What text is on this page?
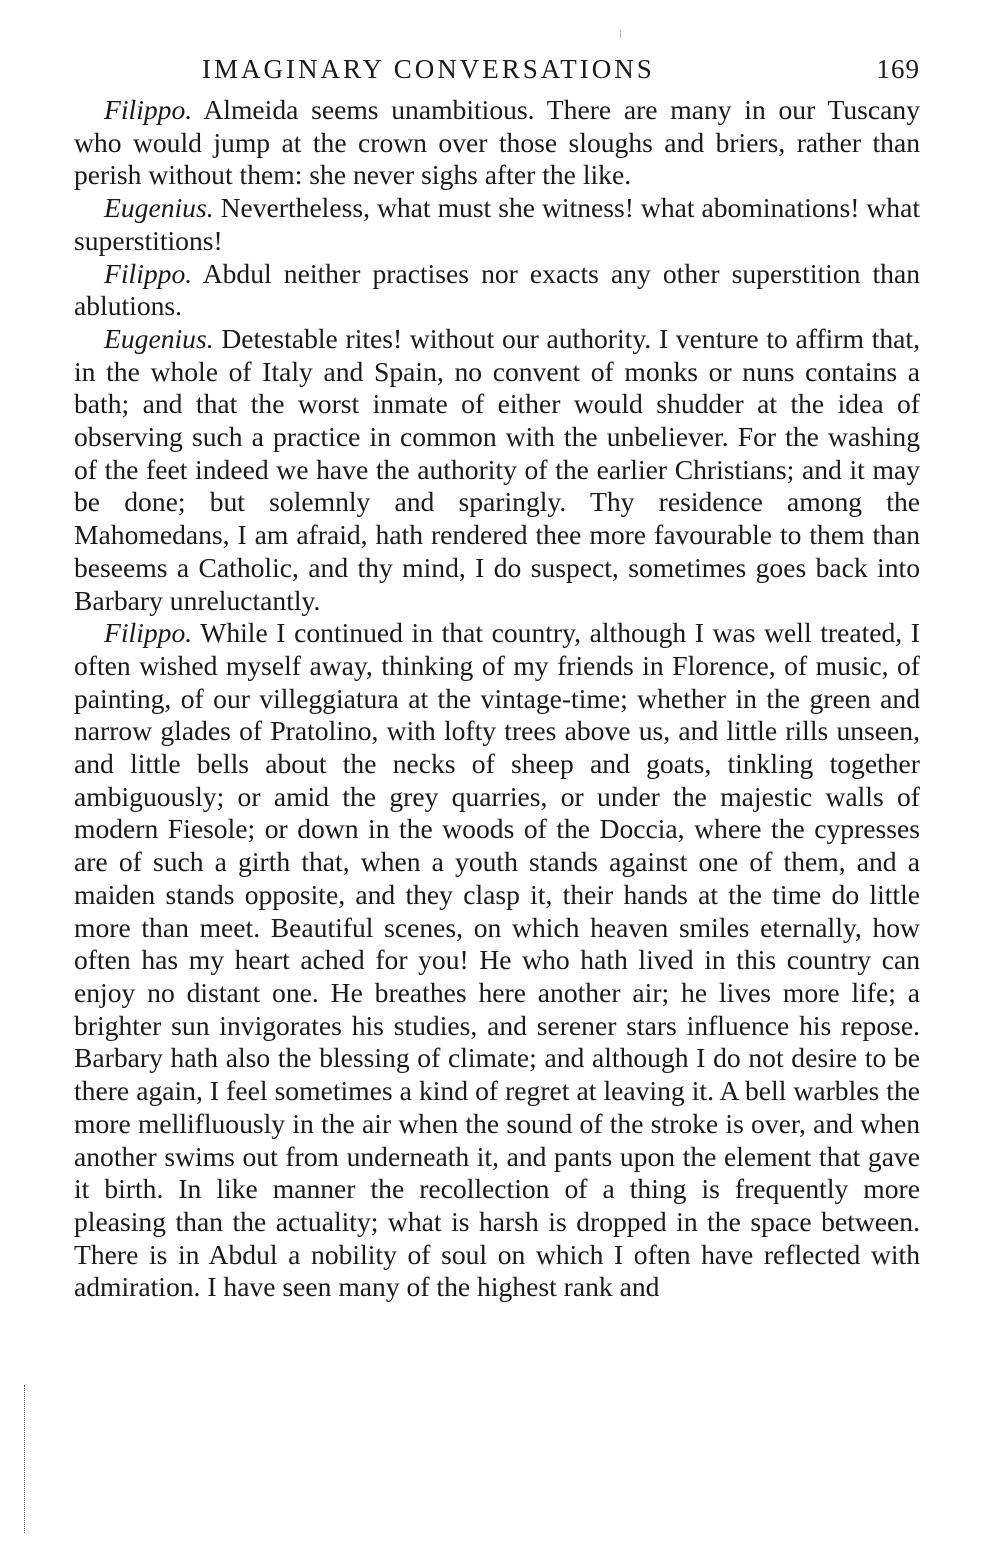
IMAGINARY CONVERSATIONS	169

Filippo. Almeida seems unambitious. There are many in our Tuscany who would jump at the crown over those sloughs and briers, rather than perish without them: she never sighs after the like.

Eugenius. Nevertheless, what must she witness! what abominations! what superstitions!

Filippo. Abdul neither practises nor exacts any other superstition than ablutions.

Eugenius. Detestable rites! without our authority. I venture to affirm that, in the whole of Italy and Spain, no convent of monks or nuns contains a bath; and that the worst inmate of either would shudder at the idea of observing such a practice in common with the unbeliever. For the washing of the feet indeed we have the authority of the earlier Christians; and it may be done; but solemnly and sparingly. Thy residence among the Mahomedans, I am afraid, hath rendered thee more favourable to them than beseems a Catholic, and thy mind, I do suspect, sometimes goes back into Barbary unreluctantly.

Filippo. While I continued in that country, although I was well treated, I often wished myself away, thinking of my friends in Florence, of music, of painting, of our villeggiatura at the vintage-time; whether in the green and narrow glades of Pratolino, with lofty trees above us, and little rills unseen, and little bells about the necks of sheep and goats, tinkling together ambiguously; or amid the grey quarries, or under the majestic walls of modern Fiesole; or down in the woods of the Doccia, where the cypresses are of such a girth that, when a youth stands against one of them, and a maiden stands opposite, and they clasp it, their hands at the time do little more than meet. Beautiful scenes, on which heaven smiles eternally, how often has my heart ached for you! He who hath lived in this country can enjoy no distant one. He breathes here another air; he lives more life; a brighter sun invigorates his studies, and serener stars influence his repose. Barbary hath also the blessing of climate; and although I do not desire to be there again, I feel sometimes a kind of regret at leaving it. A bell warbles the more mellifluously in the air when the sound of the stroke is over, and when another swims out from underneath it, and pants upon the element that gave it birth. In like manner the recollection of a thing is frequently more pleasing than the actuality; what is harsh is dropped in the space between. There is in Abdul a nobility of soul on which I often have reflected with admiration. I have seen many of the highest rank and
